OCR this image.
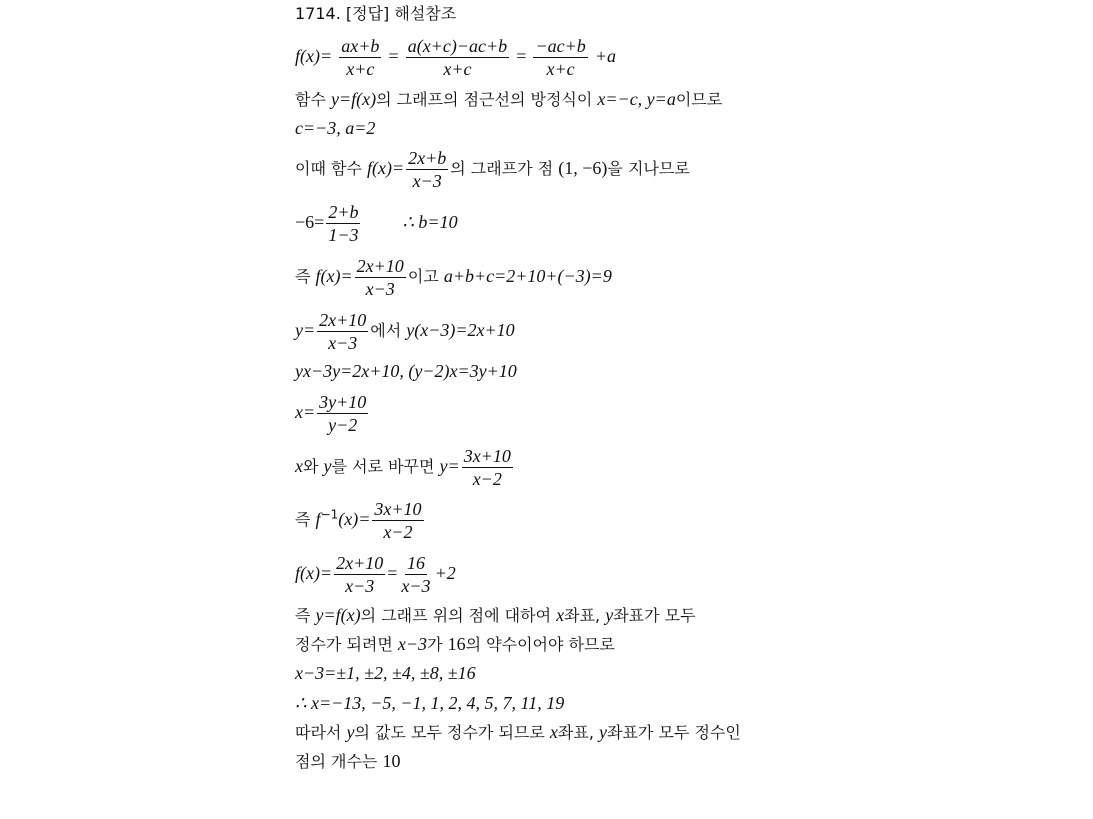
1714. [정답] 해설참조
$f(x)= \frac{ax+b}{x+c} = \frac{a(x+c)-ac+b}{x+c} = \frac{-ac+b}{x+c} +a$
함수 y=f(x)의 그래프의 점근선의 방정식이 x=−c, y=a이므로
c=−3, a=2
이때 함수 $f(x)= \frac{2x+b}{x-3}$ 의 그래프가 점 (1, −6)을 지나므로
$-6= \frac{2+b}{1-3}$ ∴ b=10
즉 $f(x)= \frac{2x+10}{x-3}$ 이고 a+b+c=2+10+(−3)=9
$y= \frac{2x+10}{x-3}$ 에서 y(x−3)=2x+10
yx−3y=2x+10, (y−2)x=3y+10
$x= \frac{3y+10}{y-2}$
x와 y를 서로 바꾸면 $y= \frac{3x+10}{x-2}$
즉 $f^{-1}(x)= \frac{3x+10}{x-2}$
$f(x)= \frac{2x+10}{x-3} = \frac{16}{x-3} +2$
즉 y=f(x)의 그래프 위의 점에 대하여 x좌표, y좌표가 모두
정수가 되려면 x−3가 16의 약수이어야 하므로
x−3=±1, ±2, ±4, ±8, ±16
∴ x=−13, −5, −1, 1, 2, 4, 5, 7, 11, 19
따라서 y의 값도 모두 정수가 되므로 x좌표, y좌표가 모두 정수인
점의 개수는 10
